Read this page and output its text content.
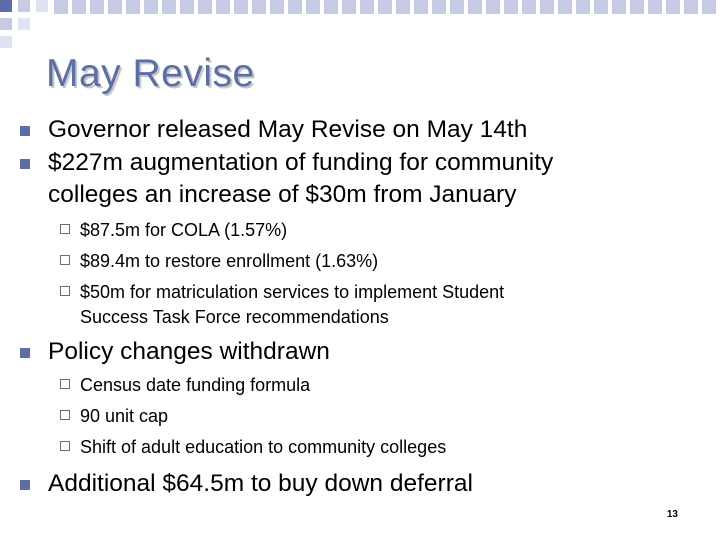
May Revise
Governor released May Revise on May 14th
$227m augmentation of funding for community
colleges an increase of $30m from January
$87.5m for COLA (1.57%)
$89.4m to restore enrollment (1.63%)
$50m for matriculation services to implement Student
Success Task Force recommendations
Policy changes withdrawn
Census date funding formula
90 unit cap
Shift of adult education to community colleges
Additional $64.5m to buy down deferral
13
